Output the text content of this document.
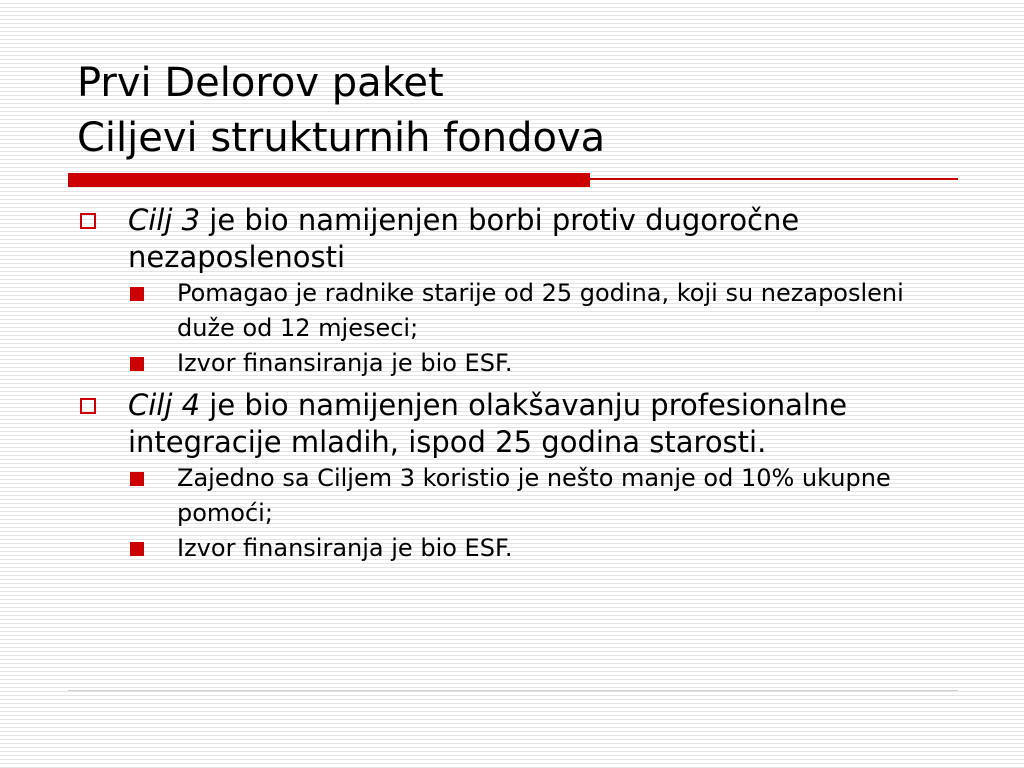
Prvi Delorov paket
Ciljevi strukturnih fondova
Cilj 3 je bio namijenjen borbi protiv dugoročne nezaposlenosti
Pomagao je radnike starije od 25 godina, koji su nezaposleni duže od 12 mjeseci;
Izvor finansiranja je bio ESF.
Cilj 4 je bio namijenjen olakšavanju profesionalne integracije mladih, ispod 25 godina starosti.
Zajedno sa Ciljem 3 koristio je nešto manje od 10% ukupne pomoći;
Izvor finansiranja je bio ESF.
